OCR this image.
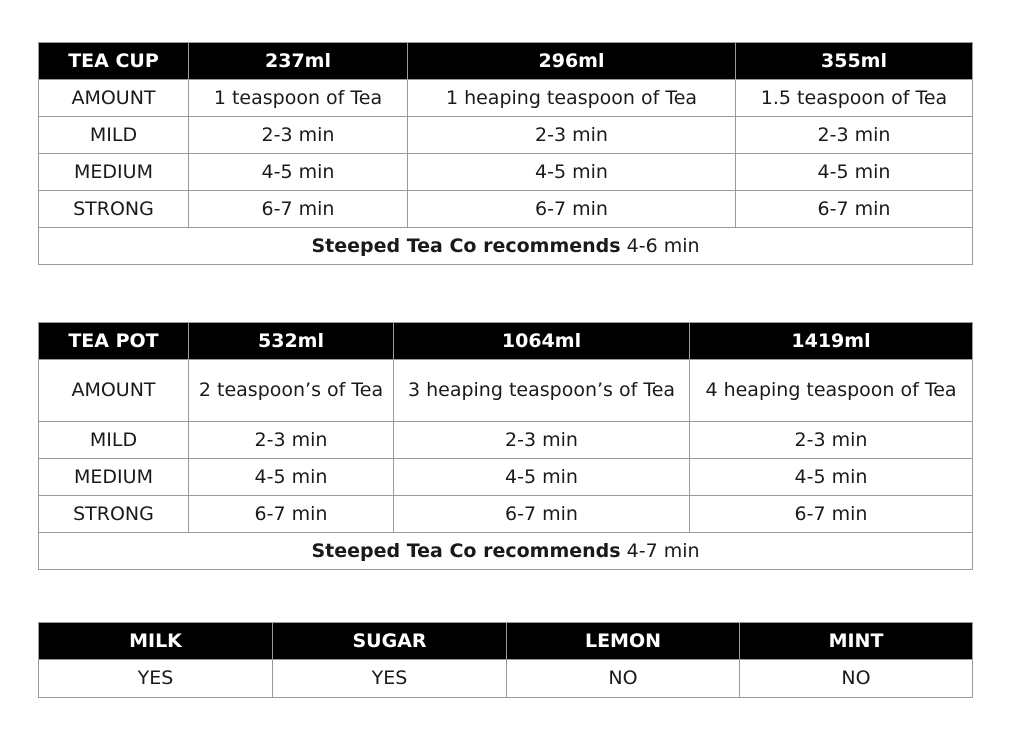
TEA CUP	237ml	296ml	355ml
AMOUNT	1 teaspoon of Tea	1 heaping teaspoon of Tea	1.5 teaspoon of Tea
MILD	2-3 min	2-3 min	2-3 min
MEDIUM	4-5 min	4-5 min	4-5 min
STRONG	6-7 min	6-7 min	6-7 min
Steeped Tea Co recommends 4-6 min			
TEA POT	532ml	1064ml	1419ml
AMOUNT	2 teaspoon’s of Tea	3 heaping teaspoon’s of Tea	4 heaping teaspoon of Tea
MILD	2-3 min	2-3 min	2-3 min
MEDIUM	4-5 min	4-5 min	4-5 min
STRONG	6-7 min	6-7 min	6-7 min
Steeped Tea Co recommends 4-7 min			
MILK	SUGAR	LEMON	MINT
YES	YES	NO	NO
